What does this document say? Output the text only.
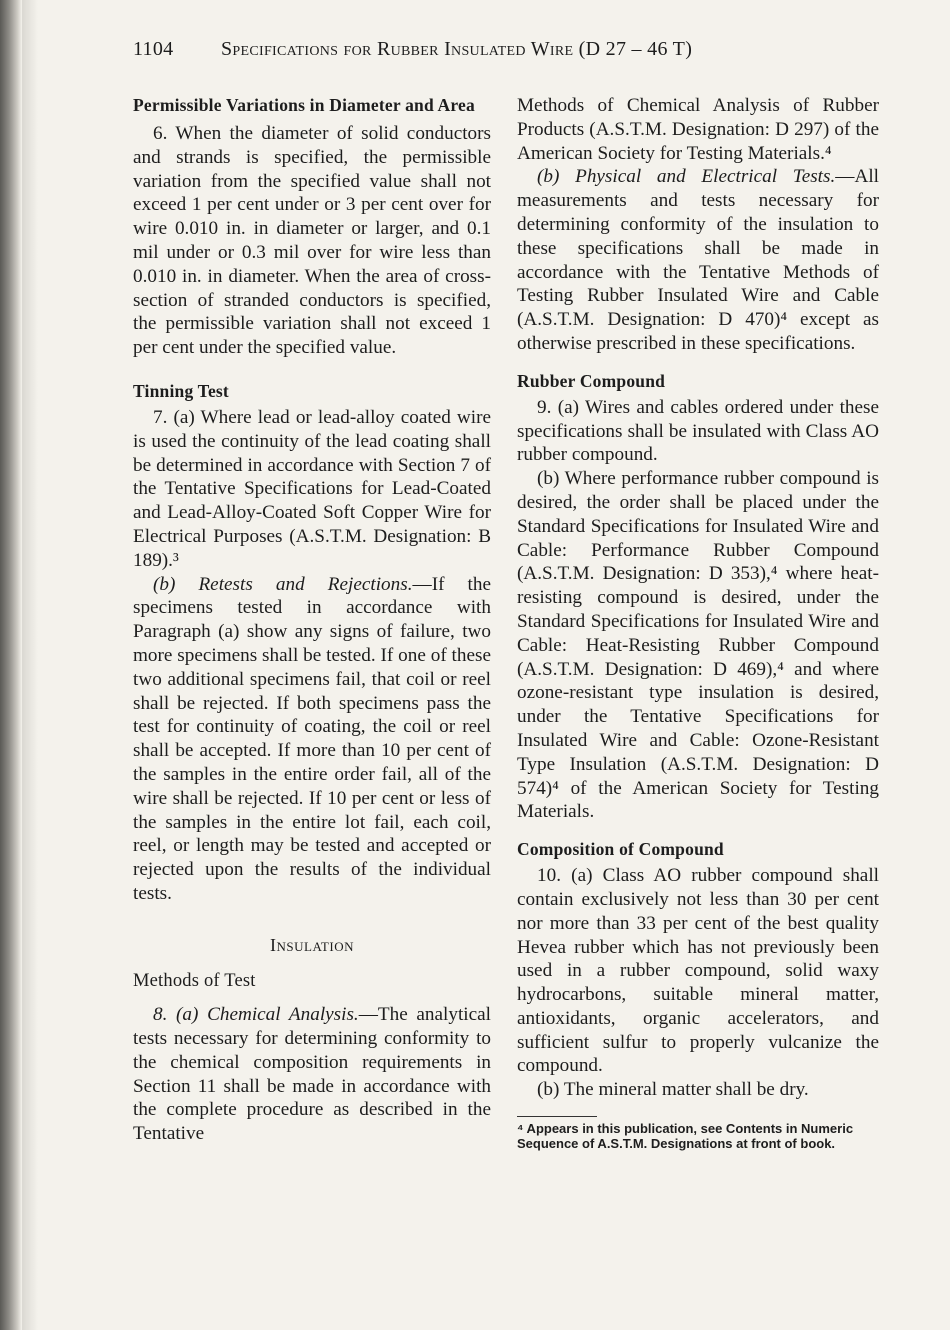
1104 Specifications for Rubber Insulated Wire (D 27 – 46 T)
Permissible Variations in Diameter and Area

6. When the diameter of solid conductors and strands is specified, the permissible variation from the specified value shall not exceed 1 per cent under or 3 per cent over for wire 0.010 in. in diameter or larger, and 0.1 mil under or 0.3 mil over for wire less than 0.010 in. in diameter. When the area of cross-section of stranded conductors is specified, the permissible variation shall not exceed 1 per cent under the specified value.

Tinning Test

7. (a) Where lead or lead-alloy coated wire is used the continuity of the lead coating shall be determined in accordance with Section 7 of the Tentative Specifications for Lead-Coated and Lead-Alloy-Coated Soft Copper Wire for Electrical Purposes (A.S.T.M. Designation: B 189).³

(b) Retests and Rejections.—If the specimens tested in accordance with Paragraph (a) show any signs of failure, two more specimens shall be tested. If one of these two additional specimens fail, that coil or reel shall be rejected. If both specimens pass the test for continuity of coating, the coil or reel shall be accepted. If more than 10 per cent of the samples in the entire order fail, all of the wire shall be rejected. If 10 per cent or less of the samples in the entire lot fail, each coil, reel, or length may be tested and accepted or rejected upon the results of the individual tests.

Insulation
Methods of Test

8. (a) Chemical Analysis.—The analytical tests necessary for determining conformity to the chemical composition requirements in Section 11 shall be made in accordance with the complete procedure as described in the Tentative

Methods of Chemical Analysis of Rubber Products (A.S.T.M. Designation: D 297) of the American Society for Testing Materials.⁴

(b) Physical and Electrical Tests.—All measurements and tests necessary for determining conformity of the insulation to these specifications shall be made in accordance with the Tentative Methods of Testing Rubber Insulated Wire and Cable (A.S.T.M. Designation: D 470)⁴ except as otherwise prescribed in these specifications.

Rubber Compound

9. (a) Wires and cables ordered under these specifications shall be insulated with Class AO rubber compound.

(b) Where performance rubber compound is desired, the order shall be placed under the Standard Specifications for Insulated Wire and Cable: Performance Rubber Compound (A.S.T.M. Designation: D 353),⁴ where heat-resisting compound is desired, under the Standard Specifications for Insulated Wire and Cable: Heat-Resisting Rubber Compound (A.S.T.M. Designation: D 469),⁴ and where ozone-resistant type insulation is desired, under the Tentative Specifications for Insulated Wire and Cable: Ozone-Resistant Type Insulation (A.S.T.M. Designation: D 574)⁴ of the American Society for Testing Materials.

Composition of Compound

10. (a) Class AO rubber compound shall contain exclusively not less than 30 per cent nor more than 33 per cent of the best quality Hevea rubber which has not previously been used in a rubber compound, solid waxy hydrocarbons, suitable mineral matter, antioxidants, organic accelerators, and sufficient sulfur to properly vulcanize the compound.

(b) The mineral matter shall be dry.

⁴ Appears in this publication, see Contents in Numeric Sequence of A.S.T.M. Designations at front of book.
